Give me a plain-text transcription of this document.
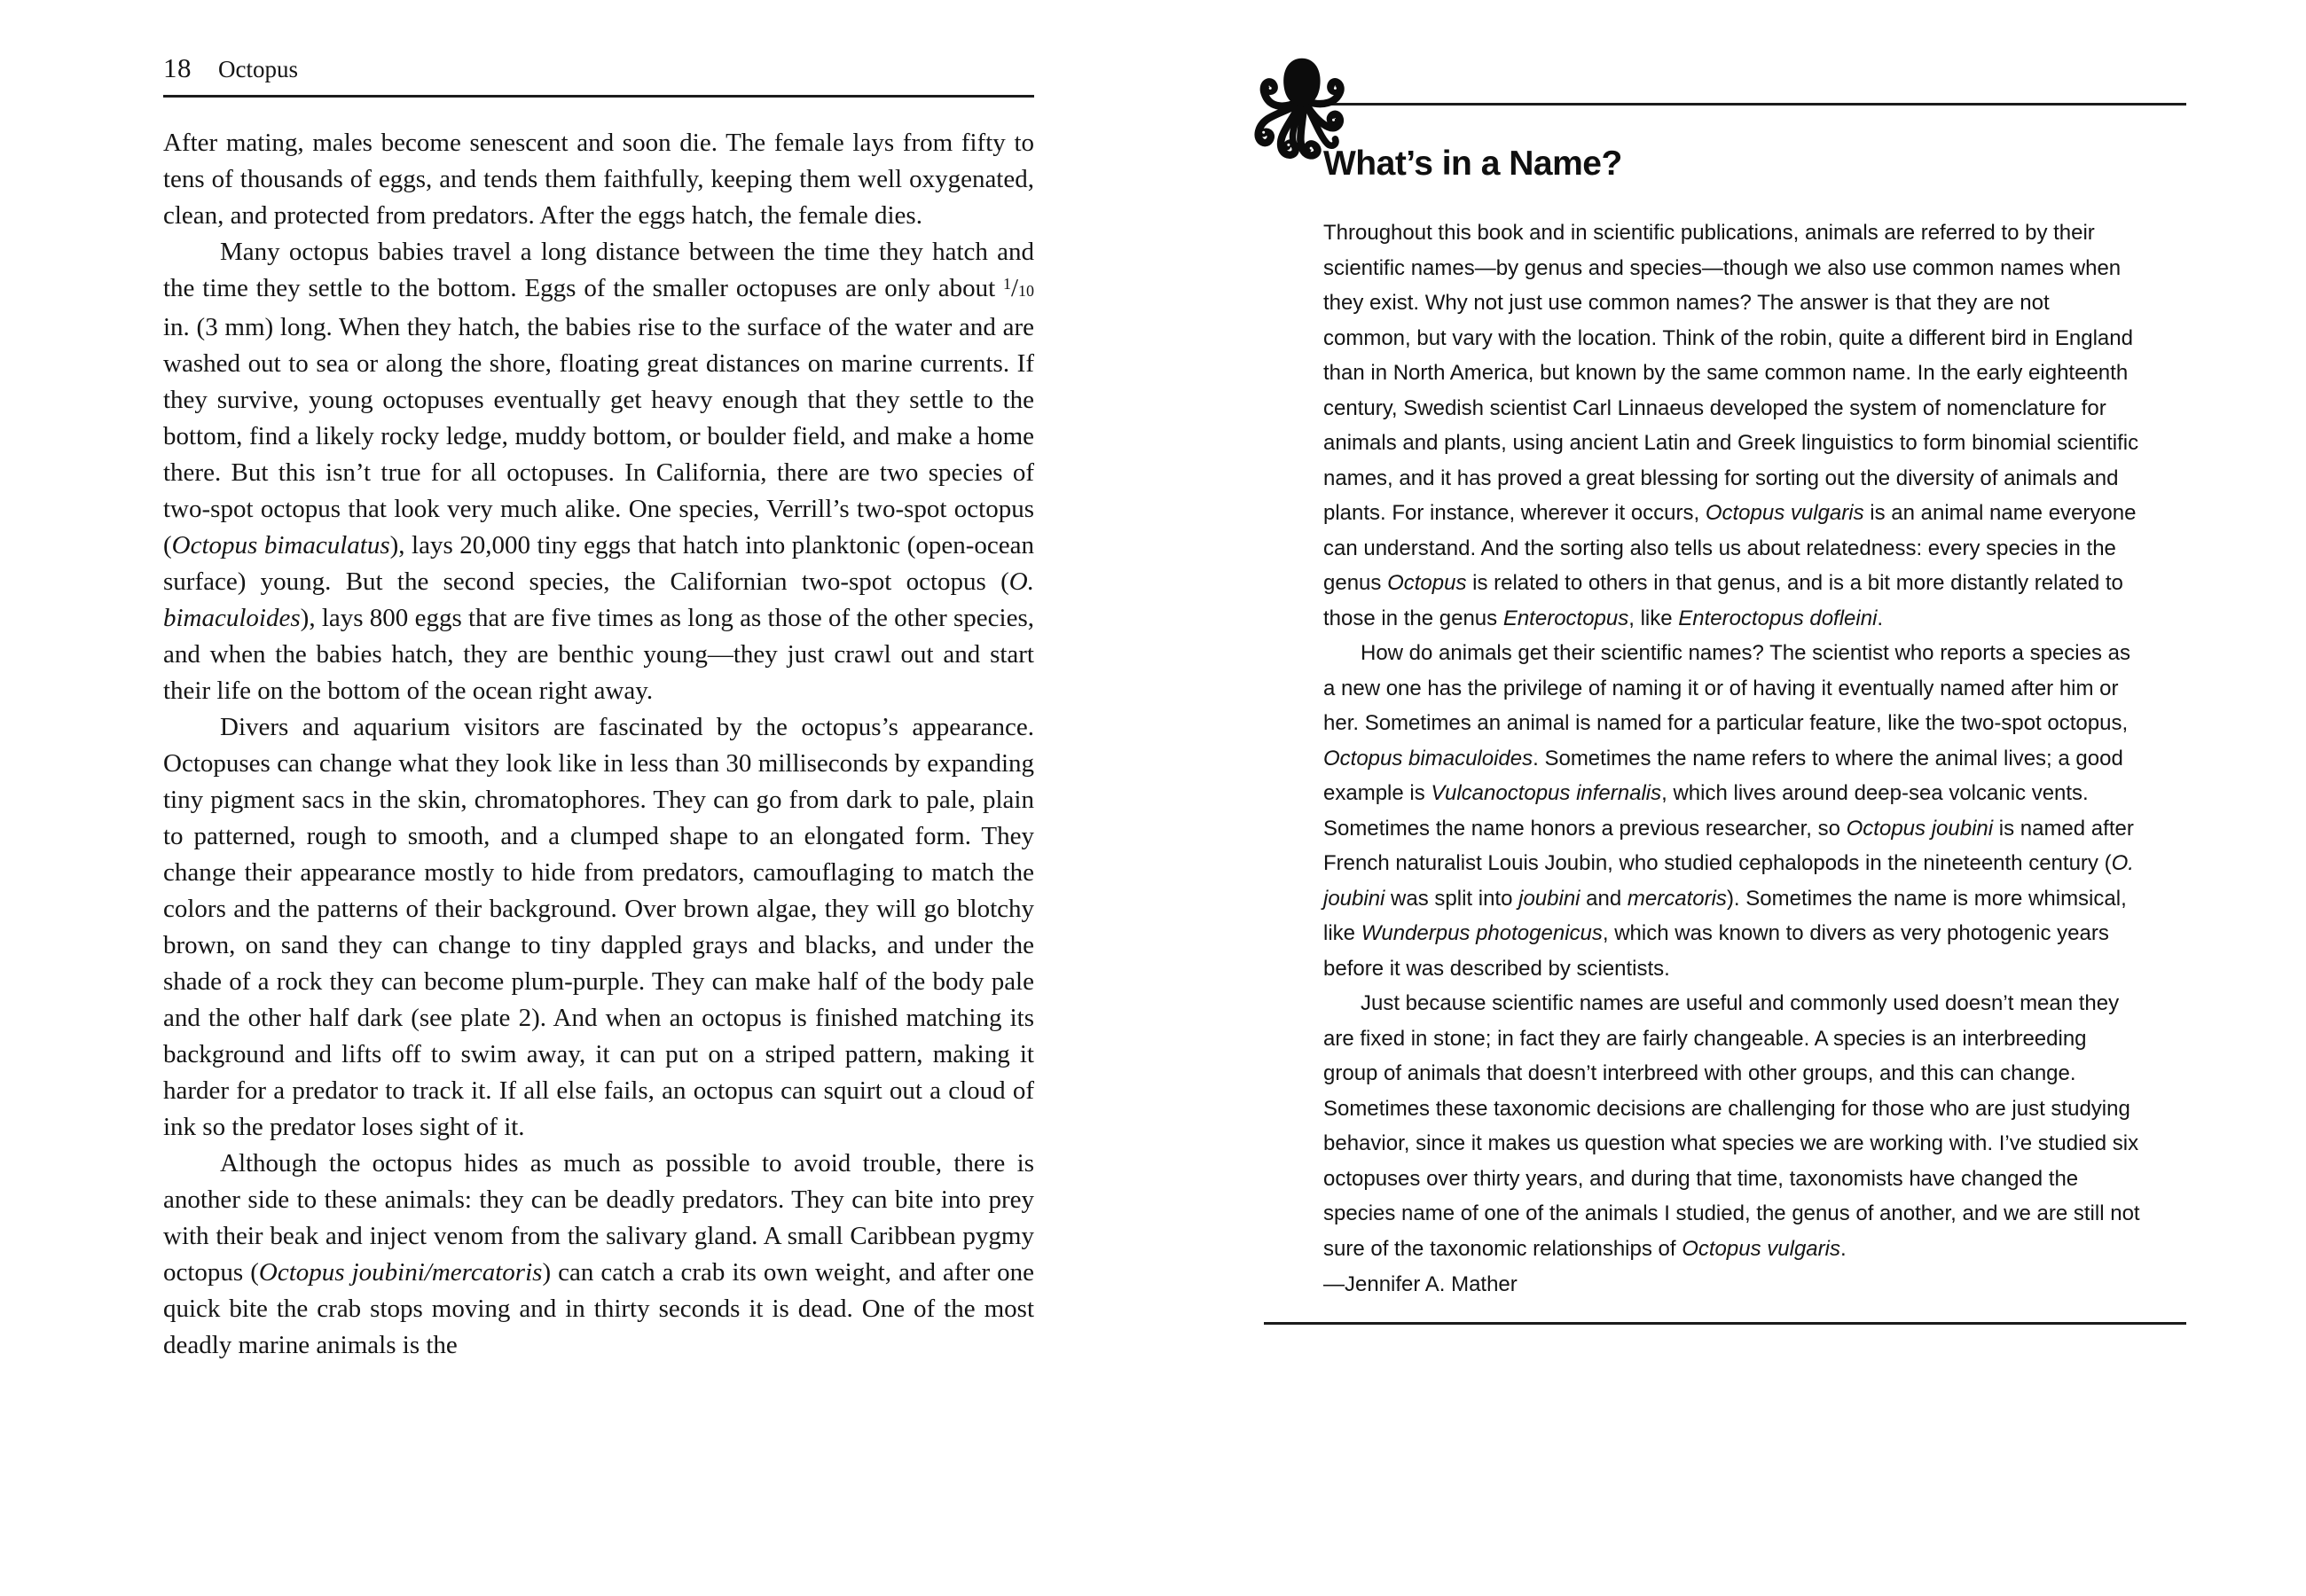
18 Octopus

After mating, males become senescent and soon die. The female lays from fifty to tens of thousands of eggs, and tends them faithfully, keeping them well oxygenated, clean, and protected from predators. After the eggs hatch, the female dies.

Many octopus babies travel a long distance between the time they hatch and the time they settle to the bottom. Eggs of the smaller octopuses are only about $^1$/10 in. (3 mm) long. When they hatch, the babies rise to the surface of the water and are washed out to sea or along the shore, floating great distances on marine currents. If they survive, young octopuses eventually get heavy enough that they settle to the bottom, find a likely rocky ledge, muddy bottom, or boulder field, and make a home there. But this isn’t true for all octopuses. In California, there are two species of two-spot octopus that look very much alike. One species, Verrill’s two-spot octopus (Octopus bimaculatus), lays 20,000 tiny eggs that hatch into planktonic (open-ocean surface) young. But the second species, the Californian two-spot octopus (O. bimaculoides), lays 800 eggs that are five times as long as those of the other species, and when the babies hatch, they are benthic young—they just crawl out and start their life on the bottom of the ocean right away.

Divers and aquarium visitors are fascinated by the octopus’s appearance. Octopuses can change what they look like in less than 30 milliseconds by expanding tiny pigment sacs in the skin, chromatophores. They can go from dark to pale, plain to patterned, rough to smooth, and a clumped shape to an elongated form. They change their appearance mostly to hide from predators, camouflaging to match the colors and the patterns of their background. Over brown algae, they will go blotchy brown, on sand they can change to tiny dappled grays and blacks, and under the shade of a rock they can become plum-purple. They can make half of the body pale and the other half dark (see plate 2). And when an octopus is finished matching its background and lifts off to swim away, it can put on a striped pattern, making it harder for a predator to track it. If all else fails, an octopus can squirt out a cloud of ink so the predator loses sight of it.

Although the octopus hides as much as possible to avoid trouble, there is another side to these animals: they can be deadly predators. They can bite into prey with their beak and inject venom from the salivary gland. A small Caribbean pygmy octopus (Octopus joubini/mercatoris) can catch a crab its own weight, and after one quick bite the crab stops moving and in thirty seconds it is dead. One of the most deadly marine animals is the

What’s in a Name?

Throughout this book and in scientific publications, animals are referred to by their scientific names—by genus and species—though we also use common names when they exist. Why not just use common names? The answer is that they are not common, but vary with the location. Think of the robin, quite a different bird in England than in North America, but known by the same common name. In the early eighteenth century, Swedish scientist Carl Linnaeus developed the system of nomenclature for animals and plants, using ancient Latin and Greek linguistics to form binomial scientific names, and it has proved a great blessing for sorting out the diversity of animals and plants. For instance, wherever it occurs, Octopus vulgaris is an animal name everyone can understand. And the sorting also tells us about relatedness: every species in the genus Octopus is related to others in that genus, and is a bit more distantly related to those in the genus Enteroctopus, like Enteroctopus dofleini.

How do animals get their scientific names? The scientist who reports a species as a new one has the privilege of naming it or of having it eventually named after him or her. Sometimes an animal is named for a particular feature, like the two-spot octopus, Octopus bimaculoides. Sometimes the name refers to where the animal lives; a good example is Vulcanoctopus infernalis, which lives around deep-sea volcanic vents. Sometimes the name honors a previous researcher, so Octopus joubini is named after French naturalist Louis Joubin, who studied cephalopods in the nineteenth century (O. joubini was split into joubini and mercatoris). Sometimes the name is more whimsical, like Wunderpus photogenicus, which was known to divers as very photogenic years before it was described by scientists.

Just because scientific names are useful and commonly used doesn’t mean they are fixed in stone; in fact they are fairly changeable. A species is an interbreeding group of animals that doesn’t interbreed with other groups, and this can change. Sometimes these taxonomic decisions are challenging for those who are just studying behavior, since it makes us question what species we are working with. I’ve studied six octopuses over thirty years, and during that time, taxonomists have changed the species name of one of the animals I studied, the genus of another, and we are still not sure of the taxonomic relationships of Octopus vulgaris.

—Jennifer A. Mather
